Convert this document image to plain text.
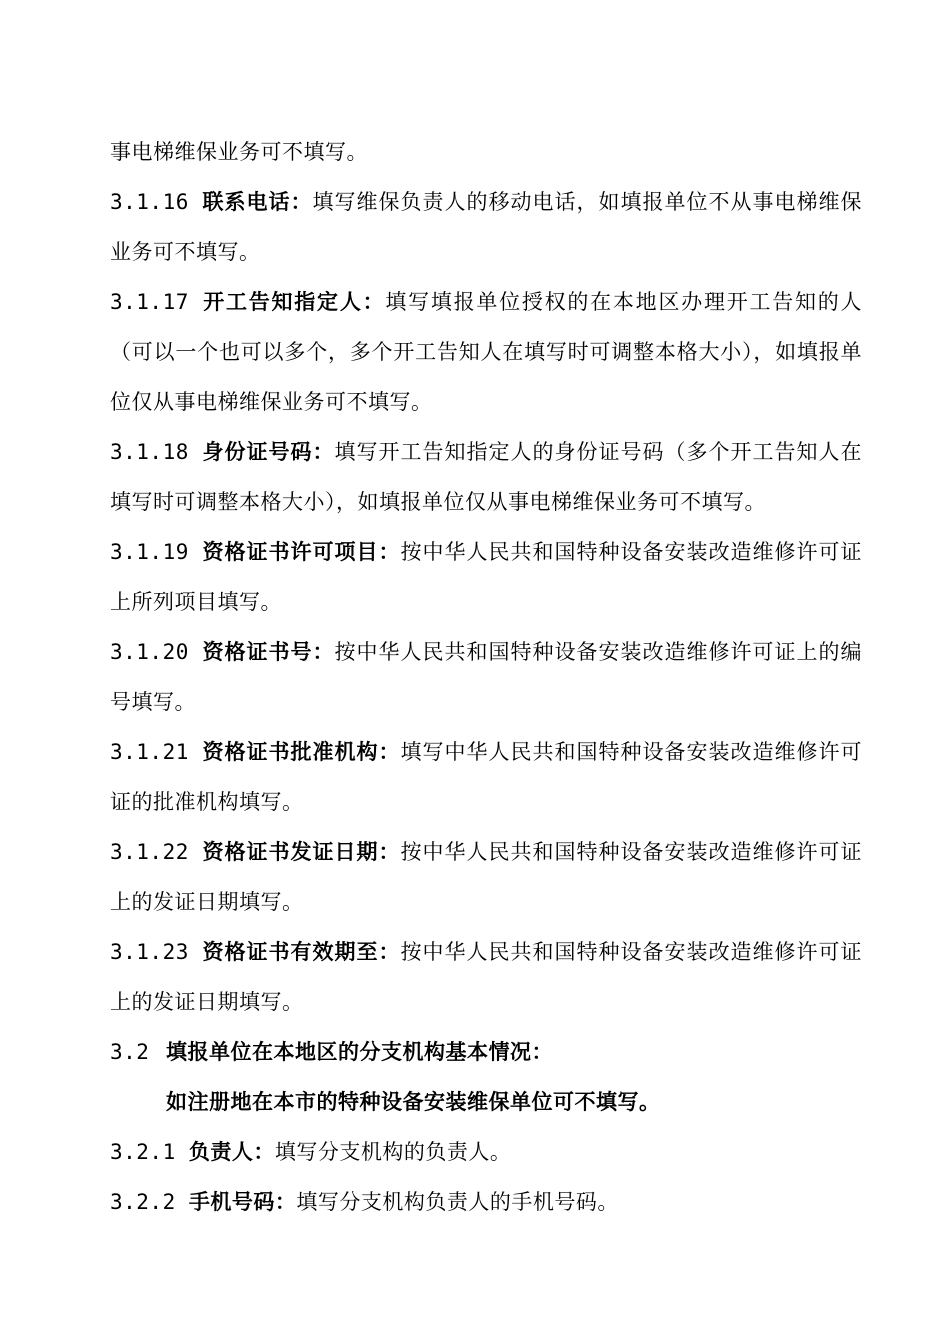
事电梯维保业务可不填写。

3.1.16 联系电话：填写维保负责人的移动电话，如填报单位不从事电梯维保业务可不填写。

3.1.17 开工告知指定人：填写填报单位授权的在本地区办理开工告知的人（可以一个也可以多个，多个开工告知人在填写时可调整本格大小），如填报单位仅从事电梯维保业务可不填写。

3.1.18 身份证号码：填写开工告知指定人的身份证号码（多个开工告知人在填写时可调整本格大小），如填报单位仅从事电梯维保业务可不填写。

3.1.19 资格证书许可项目：按中华人民共和国特种设备安装改造维修许可证上所列项目填写。

3.1.20 资格证书号：按中华人民共和国特种设备安装改造维修许可证上的编号填写。

3.1.21 资格证书批准机构：填写中华人民共和国特种设备安装改造维修许可证的批准机构填写。

3.1.22 资格证书发证日期：按中华人民共和国特种设备安装改造维修许可证上的发证日期填写。

3.1.23 资格证书有效期至：按中华人民共和国特种设备安装改造维修许可证上的发证日期填写。

3.2 填报单位在本地区的分支机构基本情况：

如注册地在本市的特种设备安装维保单位可不填写。

3.2.1 负责人：填写分支机构的负责人。

3.2.2 手机号码：填写分支机构负责人的手机号码。
